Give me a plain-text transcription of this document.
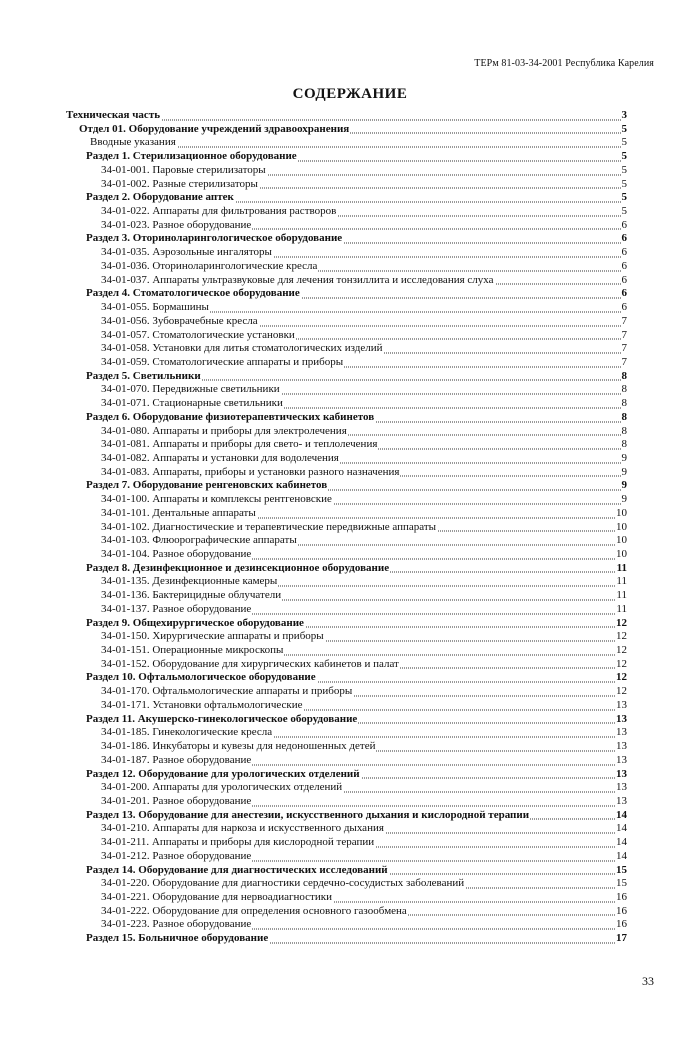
ТЕРм 81-03-34-2001 Республика Карелия
СОДЕРЖАНИЕ
Техническая часть	3
Отдел 01. Оборудование учреждений здравоохранения	5
Вводные указания	5
Раздел 1. Стерилизационное оборудование	5
34-01-001. Паровые стерилизаторы	5
34-01-002. Разные стерилизаторы	5
Раздел 2. Оборудование аптек	5
34-01-022. Аппараты для фильтрования растворов	5
34-01-023. Разное оборудование	6
Раздел 3. Оториноларингологическое оборудование	6
34-01-035. Аэрозольные ингаляторы	6
34-01-036. Оториноларингологические кресла	6
34-01-037. Аппараты ультразвуковые для лечения тонзиллита и исследования слуха	6
Раздел 4. Стоматологическое оборудование	6
34-01-055. Бормашины	6
34-01-056. Зубоврачебные кресла	7
34-01-057. Стоматологические установки	7
34-01-058. Установки для литья стоматологических изделий	7
34-01-059. Стоматологические аппараты и приборы	7
Раздел 5. Светильники	8
34-01-070. Передвижные светильники	8
34-01-071. Стационарные светильники	8
Раздел 6. Оборудование физиотерапевтических кабинетов	8
34-01-080. Аппараты и приборы для электролечения	8
34-01-081. Аппараты и приборы для свето- и теплолечения	8
34-01-082. Аппараты и установки для водолечения	9
34-01-083. Аппараты, приборы и установки разного назначения	9
Раздел 7. Оборудование ренгеновских кабинетов	9
34-01-100. Аппараты и комплексы рентгеновские	9
34-01-101. Дентальные аппараты	10
34-01-102. Диагностические и терапевтические передвижные аппараты	10
34-01-103. Флюорографические аппараты	10
34-01-104. Разное оборудование	10
Раздел 8. Дезинфекционное и дезинсекционное оборудование	11
34-01-135. Дезинфекционные камеры	11
34-01-136. Бактерицидные облучатели	11
34-01-137. Разное оборудование	11
Раздел 9. Общехирургическое оборудование	12
34-01-150. Хирургические аппараты и приборы	12
34-01-151. Операционные микроскопы	12
34-01-152. Оборудование для хирургических кабинетов и палат	12
Раздел 10. Офтальмологическое оборудование	12
34-01-170. Офтальмологические аппараты и приборы	12
34-01-171. Установки офтальмологические	13
Раздел 11. Акушерско-гинекологическое оборудование	13
34-01-185. Гинекологические кресла	13
34-01-186. Инкубаторы и кувезы для недоношенных детей	13
34-01-187. Разное оборудование	13
Раздел 12. Оборудование для урологических отделений	13
34-01-200. Аппараты для урологических отделений	13
34-01-201. Разное оборудование	13
Раздел 13. Оборудование для анестезии, искусственного дыхания и кислородной терапии	14
34-01-210. Аппараты для наркоза и искусственного дыхания	14
34-01-211. Аппараты и приборы для кислородной терапии	14
34-01-212. Разное оборудование	14
Раздел 14. Оборудование для диагностических исследований	15
34-01-220. Оборудование для диагностики сердечно-сосудистых заболеваний	15
34-01-221. Оборудование для нервоадиагностики	16
34-01-222. Оборудование для определения основного газообмена	16
34-01-223. Разное оборудование	16
Раздел 15. Больничное оборудование	17
33
